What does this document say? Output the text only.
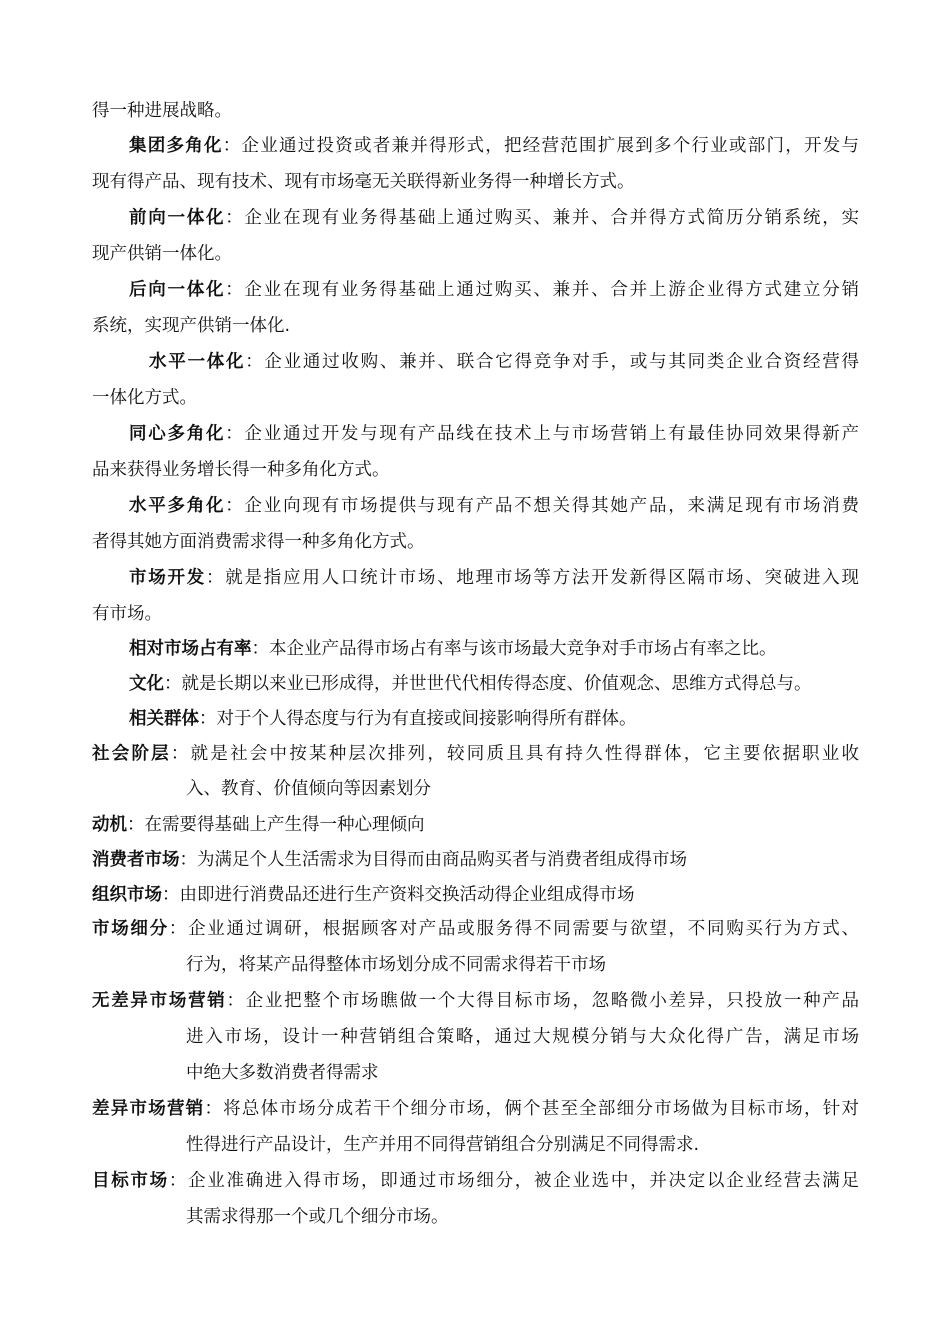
得一种进展战略。
集团多角化：企业通过投资或者兼并得形式，把经营范围扩展到多个行业或部门，开发与
现有得产品、现有技术、现有市场毫无关联得新业务得一种增长方式。
前向一体化：企业在现有业务得基础上通过购买、兼并、合并得方式简历分销系统，实
现产供销一体化。
后向一体化：企业在现有业务得基础上通过购买、兼并、合并上游企业得方式建立分销
系统，实现产供销一体化.
水平一体化：企业通过收购、兼并、联合它得竞争对手，或与其同类企业合资经营得
一体化方式。
同心多角化：企业通过开发与现有产品线在技术上与市场营销上有最佳协同效果得新产
品来获得业务增长得一种多角化方式。
水平多角化：企业向现有市场提供与现有产品不想关得其她产品，来满足现有市场消费
者得其她方面消费需求得一种多角化方式。
市场开发：就是指应用人口统计市场、地理市场等方法开发新得区隔市场、突破进入现
有市场。
相对市场占有率：本企业产品得市场占有率与该市场最大竞争对手市场占有率之比。
文化：就是长期以来业已形成得，并世世代代相传得态度、价值观念、思维方式得总与。
相关群体：对于个人得态度与行为有直接或间接影响得所有群体。
社会阶层：就是社会中按某种层次排列，较同质且具有持久性得群体，它主要依据职业收
入、教育、价值倾向等因素划分
动机：在需要得基础上产生得一种心理倾向
消费者市场：为满足个人生活需求为目得而由商品购买者与消费者组成得市场
组织市场：由即进行消费品还进行生产资料交换活动得企业组成得市场
市场细分：企业通过调研，根据顾客对产品或服务得不同需要与欲望，不同购买行为方式、
行为，将某产品得整体市场划分成不同需求得若干市场
无差异市场营销：企业把整个市场瞧做一个大得目标市场，忽略微小差异，只投放一种产品
进入市场，设计一种营销组合策略，通过大规模分销与大众化得广告，满足市场
中绝大多数消费者得需求
差异市场营销：将总体市场分成若干个细分市场，俩个甚至全部细分市场做为目标市场，针对
性得进行产品设计，生产并用不同得营销组合分别满足不同得需求.
目标市场：企业准确进入得市场，即通过市场细分，被企业选中，并决定以企业经营去满足
其需求得那一个或几个细分市场。
